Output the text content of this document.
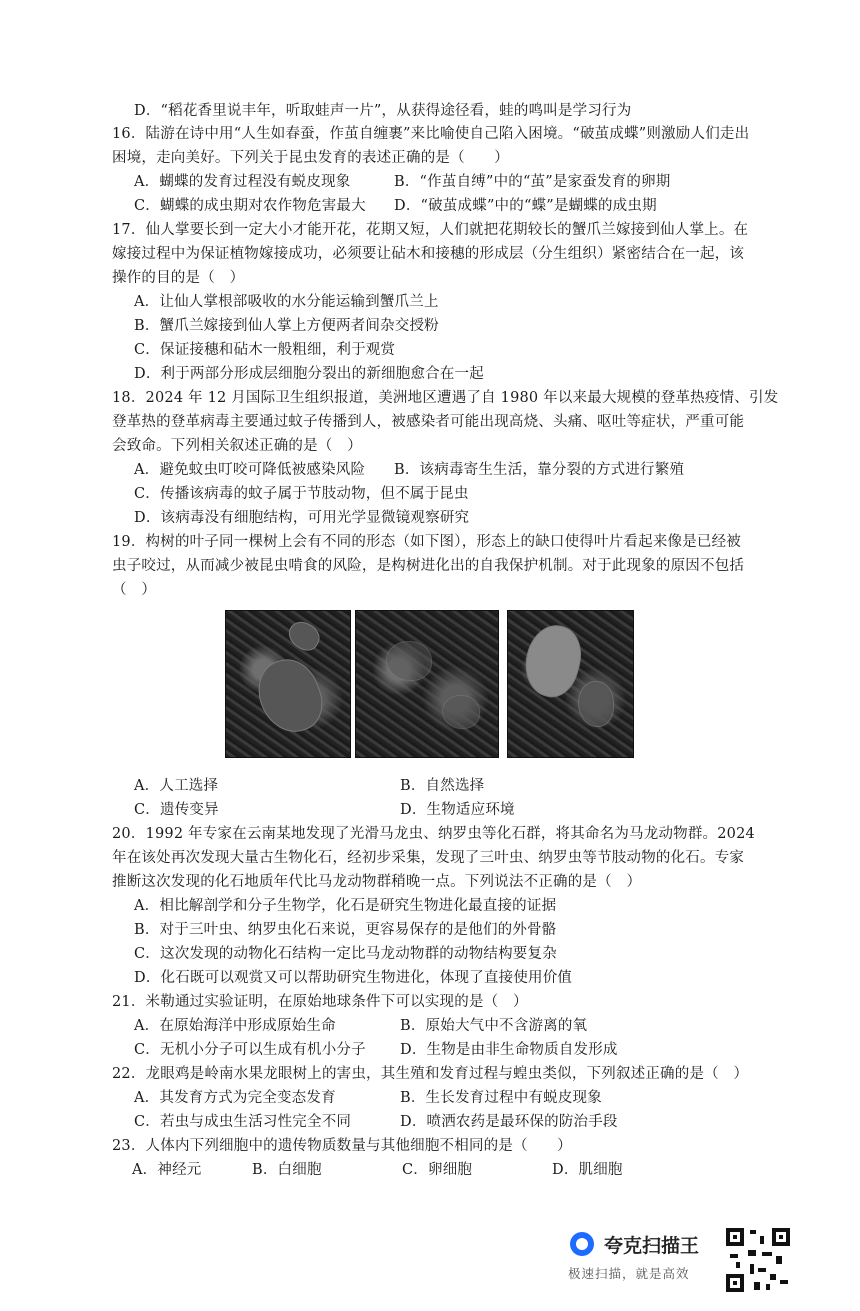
D．“稻花香里说丰年，听取蛙声一片”，从获得途径看，蛙的鸣叫是学习行为
16．陆游在诗中用“人生如春蚕，作茧自缠裹”来比喻使自己陷入困境。“破茧成蝶”则激励人们走出
困境，走向美好。下列关于昆虫发育的表述正确的是（　　）
A．蝴蝶的发育过程没有蜕皮现象	B．“作茧自缚”中的“茧”是家蚕发育的卵期
C．蝴蝶的成虫期对农作物危害最大 D．“破茧成蝶”中的“蝶”是蝴蝶的成虫期
17．仙人掌要长到一定大小才能开花，花期又短，人们就把花期较长的蟹爪兰嫁接到仙人掌上。在
嫁接过程中为保证植物嫁接成功，必须要让砧木和接穗的形成层（分生组织）紧密结合在一起，该
操作的目的是（　）
A．让仙人掌根部吸收的水分能运输到蟹爪兰上
B．蟹爪兰嫁接到仙人掌上方便两者间杂交授粉
C．保证接穗和砧木一般粗细，利于观赏
D．利于两部分形成层细胞分裂出的新细胞愈合在一起
18．2024 年 12 月国际卫生组织报道，美洲地区遭遇了自 1980 年以来最大规模的登革热疫情、引发
登革热的登革病毒主要通过蚊子传播到人，被感染者可能出现高烧、头痛、呕吐等症状，严重可能
会致命。下列相关叙述正确的是（　）
A．避免蚊虫叮咬可降低被感染风险 B．该病毒寄生生活，靠分裂的方式进行繁殖
C．传播该病毒的蚊子属于节肢动物，但不属于昆虫
D．该病毒没有细胞结构，可用光学显微镜观察研究
19．构树的叶子同一棵树上会有不同的形态（如下图），形态上的缺口使得叶片看起来像是已经被
虫子咬过，从而减少被昆虫啃食的风险，是构树进化出的自我保护机制。对于此现象的原因不包括
（　）
A．人工选择	B．自然选择
C．遗传变异	D．生物适应环境
20．1992 年专家在云南某地发现了光滑马龙虫、纳罗虫等化石群，将其命名为马龙动物群。2024
年在该处再次发现大量古生物化石，经初步采集，发现了三叶虫、纳罗虫等节肢动物的化石。专家
推断这次发现的化石地质年代比马龙动物群稍晚一点。下列说法不正确的是（　）
A．相比解剖学和分子生物学，化石是研究生物进化最直接的证据
B．对于三叶虫、纳罗虫化石来说，更容易保存的是他们的外骨骼
C．这次发现的动物化石结构一定比马龙动物群的动物结构要复杂
D．化石既可以观赏又可以帮助研究生物进化，体现了直接使用价值
21．米勒通过实验证明，在原始地球条件下可以实现的是（　）
A．在原始海洋中形成原始生命	B．原始大气中不含游离的氧
C．无机小分子可以生成有机小分子 D．生物是由非生命物质自发形成
22．龙眼鸡是岭南水果龙眼树上的害虫，其生殖和发育过程与蝗虫类似，下列叙述正确的是（　）
A．其发育方式为完全变态发育	B．生长发育过程中有蜕皮现象
C．若虫与成虫生活习性完全不同	D．喷洒农药是最环保的防治手段
23．人体内下列细胞中的遗传物质数量与其他细胞不相同的是（　　）
A．神经元	B．白细胞	C．卵细胞	D．肌细胞
夸克扫描王
极速扫描，就是高效
